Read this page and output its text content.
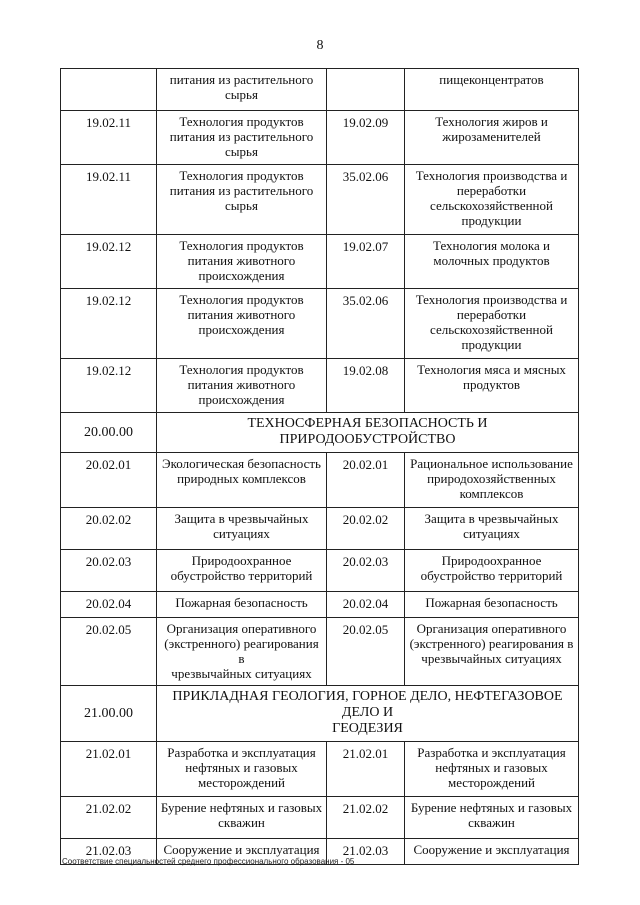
8
	питания из растительного
сырья		пищеконцентратов
19.02.11	Технология продуктов
питания из растительного
сырья	19.02.09	Технология жиров и
жирозаменителей
19.02.11	Технология продуктов
питания из растительного
сырья	35.02.06	Технология производства и
переработки
сельскохозяйственной
продукции
19.02.12	Технология продуктов
питания животного
происхождения	19.02.07	Технология молока и
молочных продуктов
19.02.12	Технология продуктов
питания животного
происхождения	35.02.06	Технология производства и
переработки
сельскохозяйственной
продукции
19.02.12	Технология продуктов
питания животного
происхождения	19.02.08	Технология мяса и мясных
продуктов
20.00.00	ТЕХНОСФЕРНАЯ БЕЗОПАСНОСТЬ И ПРИРОДООБУСТРОЙСТВО		
20.02.01	Экологическая безопасность
природных комплексов	20.02.01	Рациональное использование
природохозяйственных
комплексов
20.02.02	Защита в чрезвычайных
ситуациях	20.02.02	Защита в чрезвычайных
ситуациях
20.02.03	Природоохранное
обустройство территорий	20.02.03	Природоохранное
обустройство территорий
20.02.04	Пожарная безопасность	20.02.04	Пожарная безопасность
20.02.05	Организация оперативного
(экстренного) реагирования в
чрезвычайных ситуациях	20.02.05	Организация оперативного
(экстренного) реагирования в
чрезвычайных ситуациях
21.00.00	ПРИКЛАДНАЯ ГЕОЛОГИЯ, ГОРНОЕ ДЕЛО, НЕФТЕГАЗОВОЕ ДЕЛО И
ГЕОДЕЗИЯ		
21.02.01	Разработка и эксплуатация
нефтяных и газовых
месторождений	21.02.01	Разработка и эксплуатация
нефтяных и газовых
месторождений
21.02.02	Бурение нефтяных и газовых
скважин	21.02.02	Бурение нефтяных и газовых
скважин
21.02.03	Сооружение и эксплуатация	21.02.03	Сооружение и эксплуатация
Соответствие специальностей среднего профессионального образования - 05
